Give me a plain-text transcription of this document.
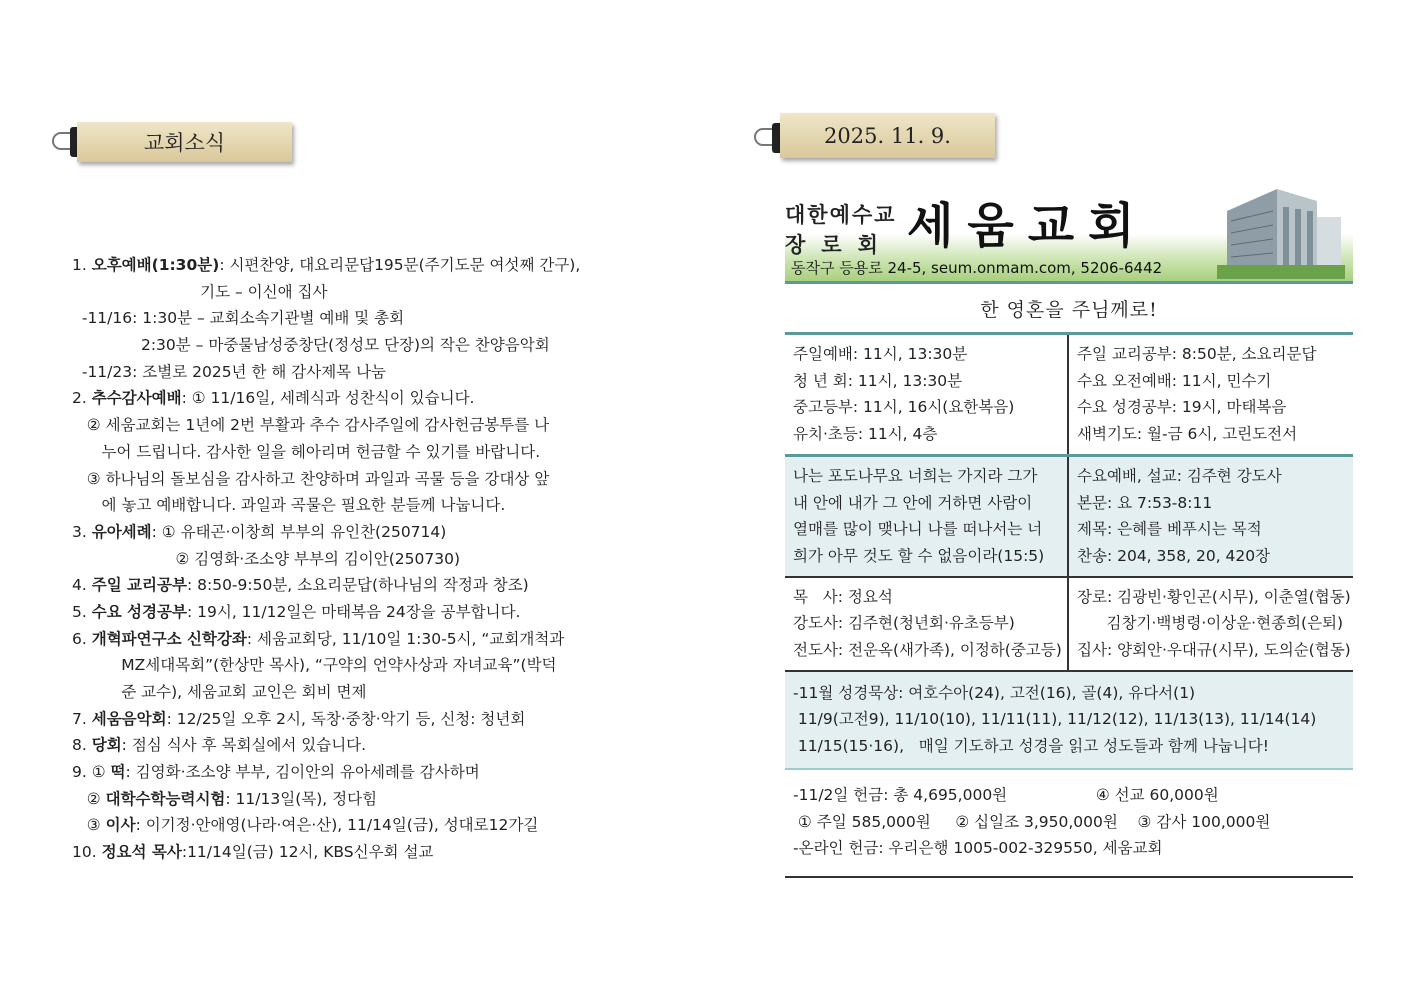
교회소식
1. 오후예배(1:30분): 시편찬양, 대요리문답195문(주기도문 여섯째 간구),
기도 – 이신애 집사
-11/16: 1:30분 – 교회소속기관별 예배 및 총회
2:30분 – 마중물남성중창단(정성모 단장)의 작은 찬양음악회
-11/23: 조별로 2025년 한 해 감사제목 나눔
2. 추수감사예배: ① 11/16일, 세례식과 성찬식이 있습니다.
② 세움교회는 1년에 2번 부활과 추수 감사주일에 감사헌금봉투를 나
누어 드립니다. 감사한 일을 헤아리며 헌금할 수 있기를 바랍니다.
③ 하나님의 돌보심을 감사하고 찬양하며 과일과 곡물 등을 강대상 앞
에 놓고 예배합니다. 과일과 곡물은 필요한 분들께 나눕니다.
3. 유아세례: ① 유태곤·이창희 부부의 유인찬(250714)
② 김영화·조소양 부부의 김이안(250730)
4. 주일 교리공부: 8:50-9:50분, 소요리문답(하나님의 작정과 창조)
5. 수요 성경공부: 19시, 11/12일은 마태복음 24장을 공부합니다.
6. 개혁파연구소 신학강좌: 세움교회당, 11/10일 1:30-5시, “교회개척과
MZ세대목회”(한상만 목사), “구약의 언약사상과 자녀교육”(박덕
준 교수), 세움교회 교인은 회비 면제
7. 세움음악회: 12/25일 오후 2시, 독창·중창·악기 등, 신청: 청년회
8. 당회: 점심 식사 후 목회실에서 있습니다.
9. ① 떡: 김영화·조소양 부부, 김이안의 유아세례를 감사하며
② 대학수학능력시험: 11/13일(목), 정다힘
③ 이사: 이기정·안애영(나라·여은·산), 11/14일(금), 성대로12가길
10. 정요석 목사:11/14일(금) 12시, KBS신우회 설교
2025. 11. 9.
대한예수교
장로회 세움교회
동작구 등용로 24-5, seum.onmam.com, 5206-6442
한 영혼을 주님께로!
주일예배: 11시, 13:30분
청 년 회: 11시, 13:30분
중고등부: 11시, 16시(요한복음)
유치·초등: 11시, 4층
주일 교리공부: 8:50분, 소요리문답
수요 오전예배: 11시, 민수기
수요 성경공부: 19시, 마태복음
새벽기도: 월-금 6시, 고린도전서
나는 포도나무요 너희는 가지라 그가
내 안에 내가 그 안에 거하면 사람이
열매를 많이 맺나니 나를 떠나서는 너
희가 아무 것도 할 수 없음이라(15:5)
수요예배, 설교: 김주현 강도사
본문: 요 7:53-8:11
제목: 은혜를 베푸시는 목적
찬송: 204, 358, 20, 420장
목   사: 정요석
강도사: 김주현(청년회·유초등부)
전도사: 전운옥(새가족), 이정하(중고등)
장로: 김광빈·황인곤(시무), 이춘열(협동)
김창기·백병령·이상운·현종희(은퇴)
집사: 양회안·우대규(시무), 도의순(협동)
-11월 성경묵상: 여호수아(24), 고전(16), 골(4), 유다서(1)
11/9(고전9), 11/10(10), 11/11(11), 11/12(12), 11/13(13), 11/14(14)
11/15(15·16),   매일 기도하고 성경을 읽고 성도들과 함께 나눕니다!
-11/2일 헌금: 총 4,695,000원                  ④ 선교 60,000원
① 주일 585,000원     ② 십일조 3,950,000원    ③ 감사 100,000원
-온라인 헌금: 우리은행 1005-002-329550, 세움교회
